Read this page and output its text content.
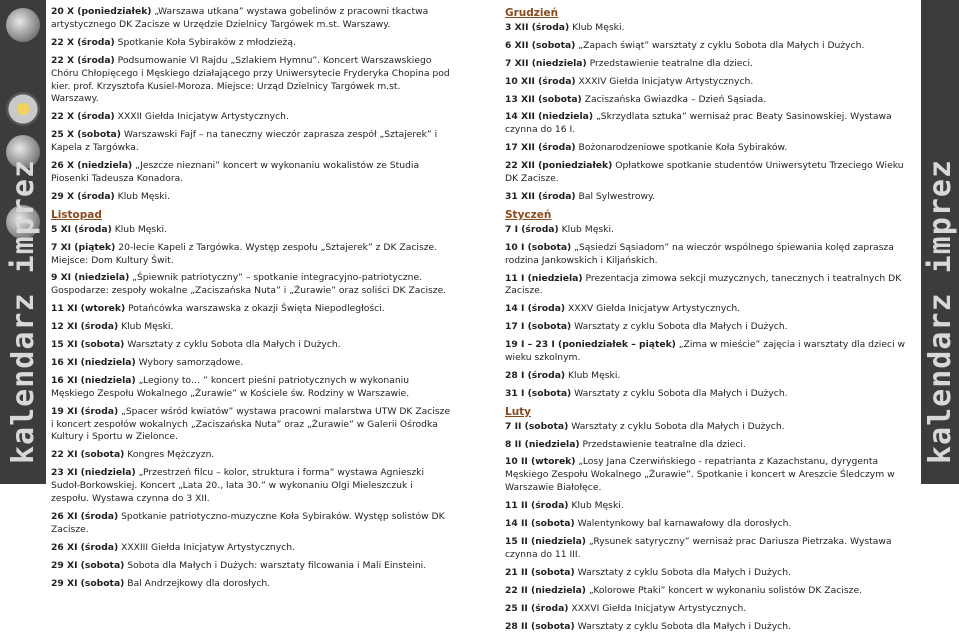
kalendarz imprez
20 X (poniedziałek) „Warszawa utkana” wystawa gobelinów z pracowni tkactwa artystycznego DK Zacisze w Urzędzie Dzielnicy Targówek m.st. Warszawy.
22 X (środa) Spotkanie Koła Sybiraków z młodzieżą.
22 X (środa) Podsumowanie VI Rajdu „Szlakiem Hymnu”. Koncert Warszawskiego Chóru Chłopięcego i Męskiego działającego przy Uniwersytecie Fryderyka Chopina pod kier. prof. Krzysztofa Kusiel-Moroza. Miejsce: Urząd Dzielnicy Targówek m.st. Warszawy.
22 X (środa) XXXII Giełda Inicjatyw Artystycznych.
25 X (sobota) Warszawski Fajf – na taneczny wieczór zaprasza zespół „Sztajerek” i Kapela z Targówka.
26 X (niedziela) „Jeszcze nieznani” koncert w wykonaniu wokalistów ze Studia Piosenki Tadeusza Konadora.
29 X (środa) Klub Męski.
Listopad
5 XI (środa) Klub Męski.
7 XI (piątek) 20-lecie Kapeli z Targówka. Występ zespołu „Sztajerek” z DK Zacisze. Miejsce: Dom Kultury Świt.
9 XI (niedziela) „Śpiewnik patriotyczny” – spotkanie integracyjno-patriotyczne. Gospodarze: zespoły wokalne „Zaciszańska Nuta” i „Żurawie” oraz soliści DK Zacisze.
11 XI (wtorek) Potańcówka warszawska z okazji Święta Niepodległości.
12 XI (środa) Klub Męski.
15 XI (sobota) Warsztaty z cyklu Sobota dla Małych i Dużych.
16 XI (niedziela) Wybory samorządowe.
16 XI (niedziela) „Legiony to… ” koncert pieśni patriotycznych w wykonaniu Męskiego Zespołu Wokalnego „Żurawie” w Kościele św. Rodziny w Warszawie.
19 XI (środa) „Spacer wśród kwiatów” wystawa pracowni malarstwa UTW DK Zacisze i koncert zespołów wokalnych „Zaciszańska Nuta” oraz „Żurawie” w Galerii Ośrodka Kultury i Sportu w Zielonce.
22 XI (sobota) Kongres Mężczyzn.
23 XI (niedziela) „Przestrzeń filcu – kolor, struktura i forma” wystawa Agnieszki Sudoł-Borkowskiej. Koncert „Lata 20., lata 30.” w wykonaniu Olgi Mieleszczuk i zespołu. Wystawa czynna do 3 XII.
26 XI (środa) Spotkanie patriotyczno-muzyczne Koła Sybiraków. Występ solistów DK Zacisze.
26 XI (środa) XXXIII Giełda Inicjatyw Artystycznych.
29 XI (sobota) Sobota dla Małych i Dużych: warsztaty filcowania i Mali Einsteini.
29 XI (sobota) Bal Andrzejkowy dla dorosłych.
Grudzień
3 XII (środa) Klub Męski.
6 XII (sobota) „Zapach świąt” warsztaty z cyklu Sobota dla Małych i Dużych.
7 XII (niedziela) Przedstawienie teatralne dla dzieci.
10 XII (środa) XXXIV Giełda Inicjatyw Artystycznych.
13 XII (sobota) Zaciszańska Gwiazdka – Dzień Sąsiada.
14 XII (niedziela) „Skrzydlata sztuka” wernisaż prac Beaty Sasinowskiej. Wystawa czynna do 16 I.
17 XII (środa) Bożonarodzeniowe spotkanie Koła Sybiraków.
22 XII (poniedziałek) Opłatkowe spotkanie studentów Uniwersytetu Trzeciego Wieku DK Zacisze.
31 XII (środa) Bal Sylwestrowy.
Styczeń
7 I (środa) Klub Męski.
10 I (sobota) „Sąsiedzi Sąsiadom” na wieczór wspólnego śpiewania kolęd zaprasza rodzina Jankowskich i Kiljańskich.
11 I (niedziela) Prezentacja zimowa sekcji muzycznych, tanecznych i teatralnych DK Zacisze.
14 I (środa) XXXV Giełda Inicjatyw Artystycznych.
17 I (sobota) Warsztaty z cyklu Sobota dla Małych i Dużych.
19 I – 23 I (poniedziałek – piątek) „Zima w mieście” zajęcia i warsztaty dla dzieci w wieku szkolnym.
28 I (środa) Klub Męski.
31 I (sobota) Warsztaty z cyklu Sobota dla Małych i Dużych.
Luty
7 II (sobota) Warsztaty z cyklu Sobota dla Małych i Dużych.
8 II (niedziela) Przedstawienie teatralne dla dzieci.
10 II (wtorek) „Losy Jana Czerwińskiego - repatrianta z Kazachstanu, dyrygenta Męskiego Zespołu Wokalnego „Żurawie”. Spotkanie i koncert w Areszcie Śledczym w Warszawie Białołęce.
11 II (środa) Klub Męski.
14 II (sobota) Walentynkowy bal karnawałowy dla dorosłych.
15 II (niedziela) „Rysunek satyryczny” wernisaż prac Dariusza Pietrzaka. Wystawa czynna do 11 III.
21 II (sobota) Warsztaty z cyklu Sobota dla Małych i Dużych.
22 II (niedziela) „Kolorowe Ptaki” koncert w wykonaniu solistów DK Zacisze.
25 II (środa) XXXVI Giełda Inicjatyw Artystycznych.
28 II (sobota) Warsztaty z cyklu Sobota dla Małych i Dużych.
kalendarz imprez
